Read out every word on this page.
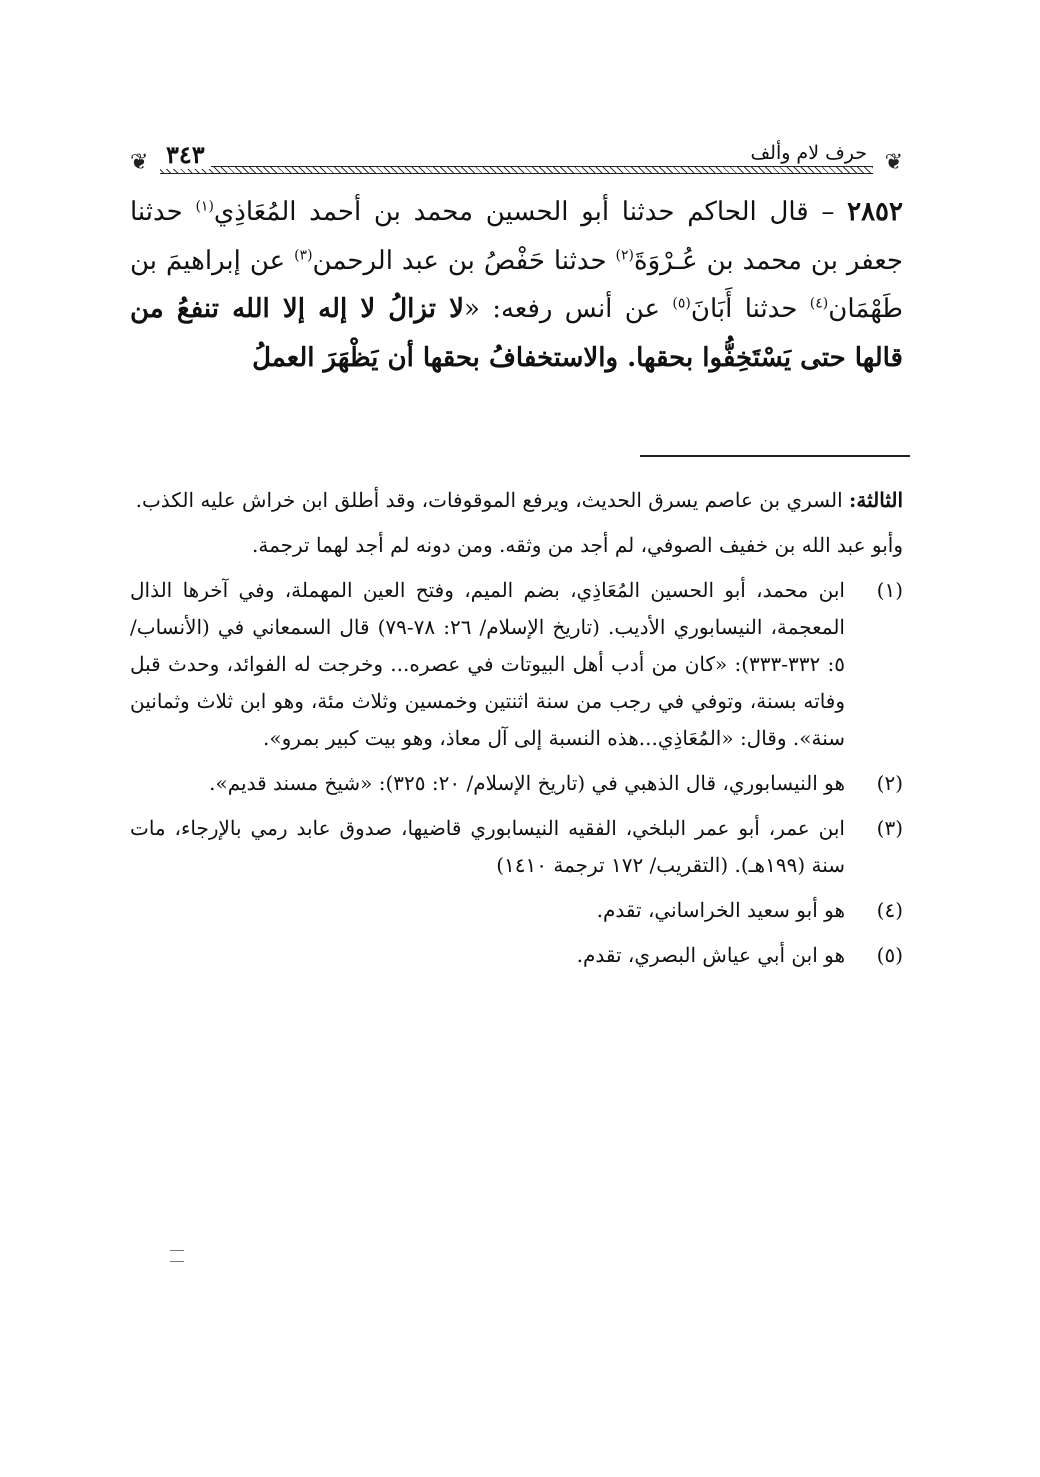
❦
حرف لام وألف
٣٤٣
❦

٢٨٥٢ – قال الحاكم حدثنا أبو الحسين محمد بن أحمد المُعَاذِي$^{(١)}$ حدثنا جعفر بن محمد بن عُـرْوَةَ$^{(٢)}$ حدثنا حَفْصُ بن عبد الرحمن$^{(٣)}$ عن إبراهيمَ بن طَهْمَان$^{(٤)}$ حدثنا أَبَانَ$^{(٥)}$ عن أنس رفعه: «لا تزالُ لا إله إلا الله تنفعُ من قالها حتى يَسْتَخِفُّوا بحقها. والاستخفافُ بحقها أن يَظْهَرَ العملُ

الثالثة: السري بن عاصم يسرق الحديث، ويرفع الموقوفات، وقد أطلق ابن خراش عليه الكذب.

وأبو عبد الله بن خفيف الصوفي، لم أجد من وثقه. ومن دونه لم أجد لهما ترجمة.

(١)
ابن محمد، أبو الحسين المُعَاذِي، بضم الميم، وفتح العين المهملة، وفي آخرها الذال المعجمة، النيسابوري الأديب. (تاريخ الإسلام/ ٢٦: ٧٨-٧٩) قال السمعاني في (الأنساب/ ٥: ٣٣٢-٣٣٣): «كان من أدب أهل البيوتات في عصره... وخرجت له الفوائد، وحدث قبل وفاته بسنة، وتوفي في رجب من سنة اثنتين وخمسين وثلاث مئة، وهو ابن ثلاث وثمانين سنة». وقال: «المُعَاذِي...هذه النسبة إلى آل معاذ، وهو بيت كبير بمرو».
(٢)
هو النيسابوري، قال الذهبي في (تاريخ الإسلام/ ٢٠: ٣٢٥): «شيخ مسند قديم».
(٣)
ابن عمر، أبو عمر البلخي، الفقيه النيسابوري قاضيها، صدوق عابد رمي بالإرجاء، مات سنة (١٩٩هـ). (التقريب/ ١٧٢ ترجمة ١٤١٠)
(٤)
هو أبو سعيد الخراساني، تقدم.
(٥)
هو ابن أبي عياش البصري، تقدم.
